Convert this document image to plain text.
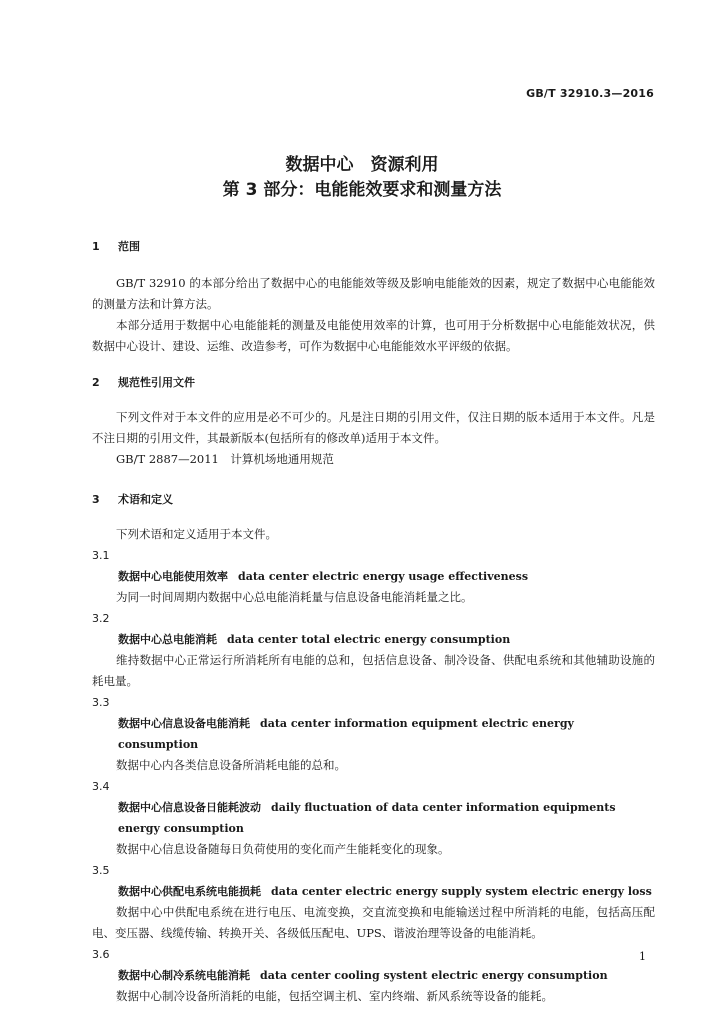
GB/T 32910.3—2016
数据中心　资源利用
第 3 部分：电能能效要求和测量方法
1 范围

GB/T 32910 的本部分给出了数据中心的电能能效等级及影响电能能效的因素，规定了数据中心电能能效的测量方法和计算方法。

本部分适用于数据中心电能能耗的测量及电能使用效率的计算，也可用于分析数据中心电能能效状况，供数据中心设计、建设、运维、改造参考，可作为数据中心电能能效水平评级的依据。

2 规范性引用文件

下列文件对于本文件的应用是必不可少的。凡是注日期的引用文件，仅注日期的版本适用于本文件。凡是不注日期的引用文件，其最新版本(包括所有的修改单)适用于本文件。

GB/T 2887—2011　计算机场地通用规范

3 术语和定义

下列术语和定义适用于本文件。

3.1

数据中心电能使用效率 data center electric energy usage effectiveness

为同一时间周期内数据中心总电能消耗量与信息设备电能消耗量之比。

3.2

数据中心总电能消耗 data center total electric energy consumption

维持数据中心正常运行所消耗所有电能的总和，包括信息设备、制冷设备、供配电系统和其他辅助设施的耗电量。

3.3

数据中心信息设备电能消耗 data center information equipment electric energy consumption

数据中心内各类信息设备所消耗电能的总和。

3.4

数据中心信息设备日能耗波动 daily fluctuation of data center information equipments energy consumption

数据中心信息设备随每日负荷使用的变化而产生能耗变化的现象。

3.5

数据中心供配电系统电能损耗 data center electric energy supply system electric energy loss

数据中心中供配电系统在进行电压、电流变换，交直流变换和电能输送过程中所消耗的电能，包括高压配电、变压器、线缆传输、转换开关、各级低压配电、UPS、谐波治理等设备的电能消耗。

3.6

数据中心制冷系统电能消耗 data center cooling systent electric energy consumption

数据中心制冷设备所消耗的电能，包括空调主机、室内终端、新风系统等设备的能耗。

1
